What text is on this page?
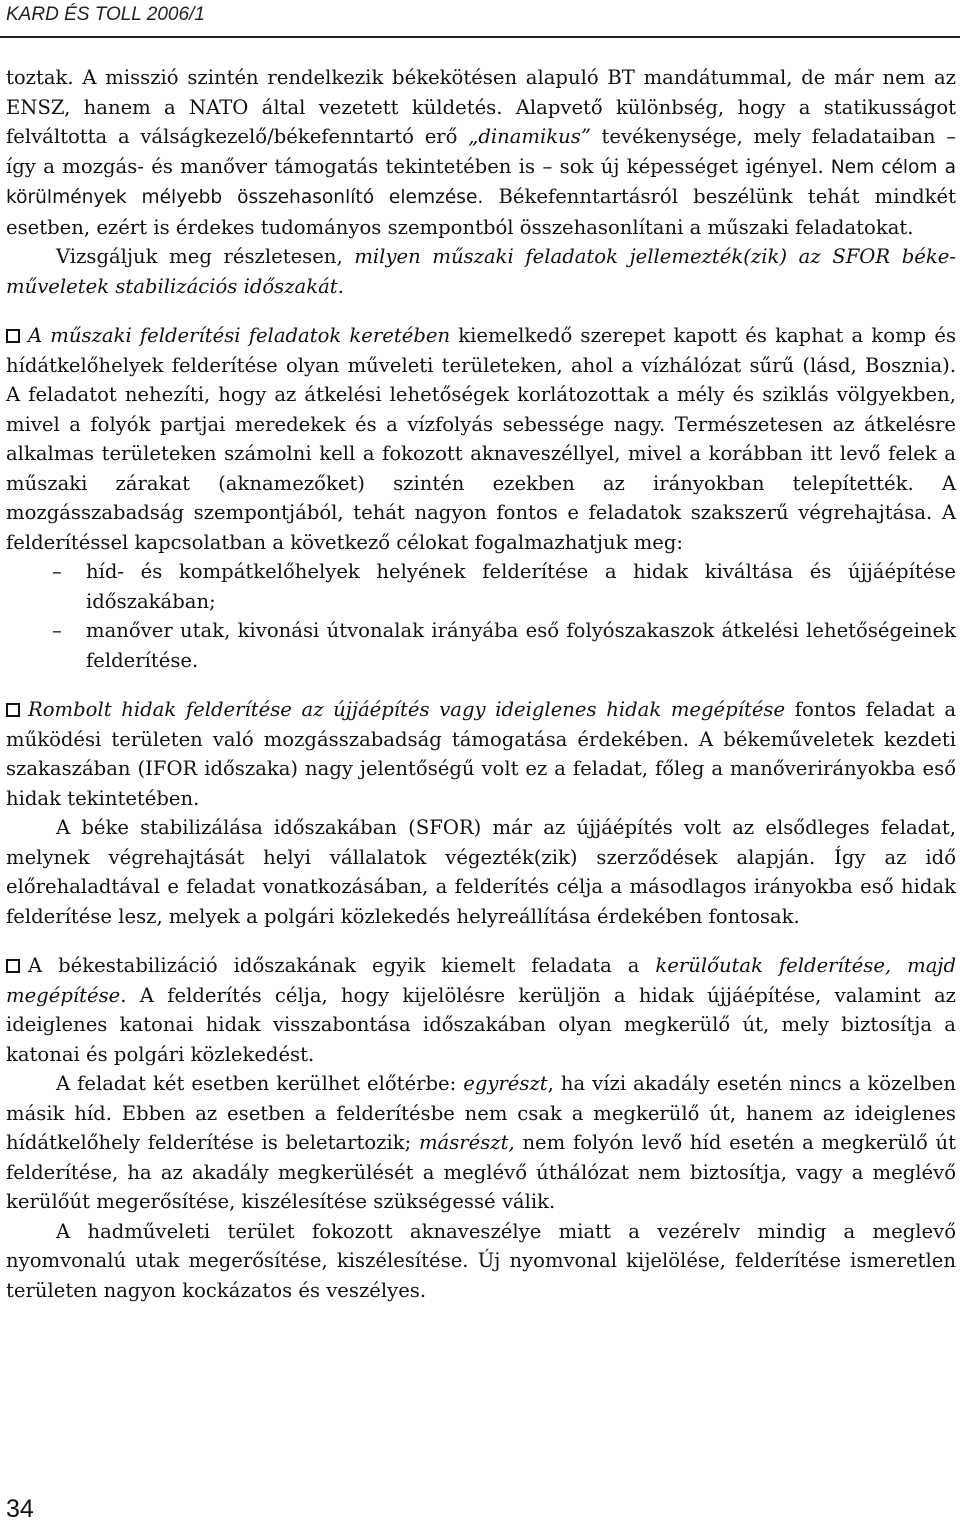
KARD ÉS TOLL 2006/1

toztak. A misszió szintén rendelkezik békekötésen alapuló BT mandátummal, de már nem az ENSZ, hanem a NATO által vezetett küldetés. Alapvető különbség, hogy a statikusságot felváltotta a válságkezelő/békefenntartó erő „dinamikus” tevékenysége, mely feladataiban – így a mozgás- és manőver támogatás tekintetében is – sok új képességet igényel. Nem célom a körülmények mélyebb összehasonlító elemzése. Békefenntartásról beszélünk tehát mindkét esetben, ezért is érdekes tudományos szempontból összehasonlítani a műszaki feladatokat.

Vizsgáljuk meg részletesen, milyen műszaki feladatok jellemezték(zik) az SFOR békeműveletek stabilizációs időszakát.

A műszaki felderítési feladatok keretében kiemelkedő szerepet kapott és kaphat a komp és hídátkelőhelyek felderítése olyan műveleti területeken, ahol a vízhálózat sűrű (lásd, Bosznia). A feladatot nehezíti, hogy az átkelési lehetőségek korlátozottak a mély és sziklás völgyekben, mivel a folyók partjai meredekek és a vízfolyás sebessége nagy. Természetesen az átkelésre alkalmas területeken számolni kell a fokozott aknaveszéllyel, mivel a korábban itt levő felek a műszaki zárakat (aknamezőket) szintén ezekben az irányokban telepítették. A mozgásszabadság szempontjából, tehát nagyon fontos e feladatok szakszerű végrehajtása. A felderítéssel kapcsolatban a következő célokat fogalmazhatjuk meg:

– híd- és kompátkelőhelyek helyének felderítése a hidak kiváltása és újjáépítése időszakában;
– manőver utak, kivonási útvonalak irányába eső folyószakaszok átkelési lehetőségeinek felderítése.

Rombolt hidak felderítése az újjáépítés vagy ideiglenes hidak megépítése fontos feladat a működési területen való mozgásszabadság támogatása érdekében. A békeműveletek kezdeti szakaszában (IFOR időszaka) nagy jelentőségű volt ez a feladat, főleg a manőverirányokba eső hidak tekintetében.

A béke stabilizálása időszakában (SFOR) már az újjáépítés volt az elsődleges feladat, melynek végrehajtását helyi vállalatok végezték(zik) szerződések alapján. Így az idő előrehaladtával e feladat vonatkozásában, a felderítés célja a másodlagos irányokba eső hidak felderítése lesz, melyek a polgári közlekedés helyreállítása érdekében fontosak.

A békestabilizáció időszakának egyik kiemelt feladata a kerülőutak felderítése, majd megépítése. A felderítés célja, hogy kijelölésre kerüljön a hidak újjáépítése, valamint az ideiglenes katonai hidak visszabontása időszakában olyan megkerülő út, mely biztosítja a katonai és polgári közlekedést.

A feladat két esetben kerülhet előtérbe: egyrészt, ha vízi akadály esetén nincs a közelben másik híd. Ebben az esetben a felderítésbe nem csak a megkerülő út, hanem az ideiglenes hídátkelőhely felderítése is beletartozik; másrészt, nem folyón levő híd esetén a megkerülő út felderítése, ha az akadály megkerülését a meglévő úthálózat nem biztosítja, vagy a meglévő kerülőút megerősítése, kiszélesítése szükségessé válik.

A hadműveleti terület fokozott aknaveszélye miatt a vezérelv mindig a meglevő nyomvonalú utak megerősítése, kiszélesítése. Új nyomvonal kijelölése, felderítése ismeretlen területen nagyon kockázatos és veszélyes.

34
